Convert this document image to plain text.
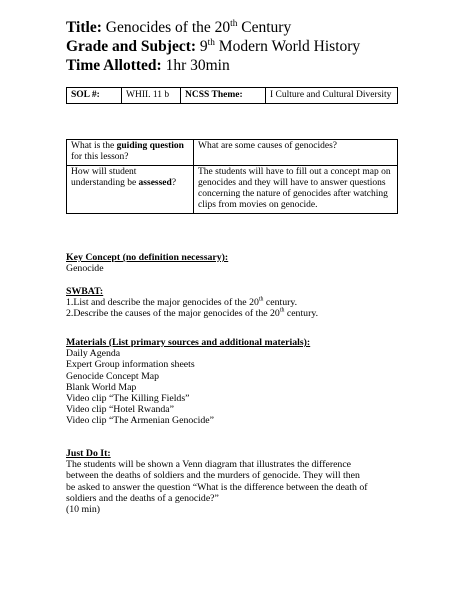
Title: Genocides of the 20th Century
Grade and Subject: 9th Modern World History
Time Allotted: 1hr 30min
SOL #:	WHII. 11 b	NCSS Theme:	I Culture and Cultural Diversity
What is the guiding question for this lesson?	What are some causes of genocides?
How will student understanding be assessed?	The students will have to fill out a concept map on genocides and they will have to answer questions concerning the nature of genocides after watching clips from movies on genocide.
Key Concept (no definition necessary):
Genocide
SWBAT:
1.List and describe the major genocides of the 20th century.
2.Describe the causes of the major genocides of the 20th century.
Materials (List primary sources and additional materials):
Daily Agenda
Expert Group information sheets
Genocide Concept Map
Blank World Map
Video clip “The Killing Fields”
Video clip “Hotel Rwanda”
Video clip “The Armenian Genocide”
Just Do It:
The students will be shown a Venn diagram that illustrates the difference
between the deaths of soldiers and the murders of genocide. They will then
be asked to answer the question “What is the difference between the death of
soldiers and the deaths of a genocide?”
(10 min)
